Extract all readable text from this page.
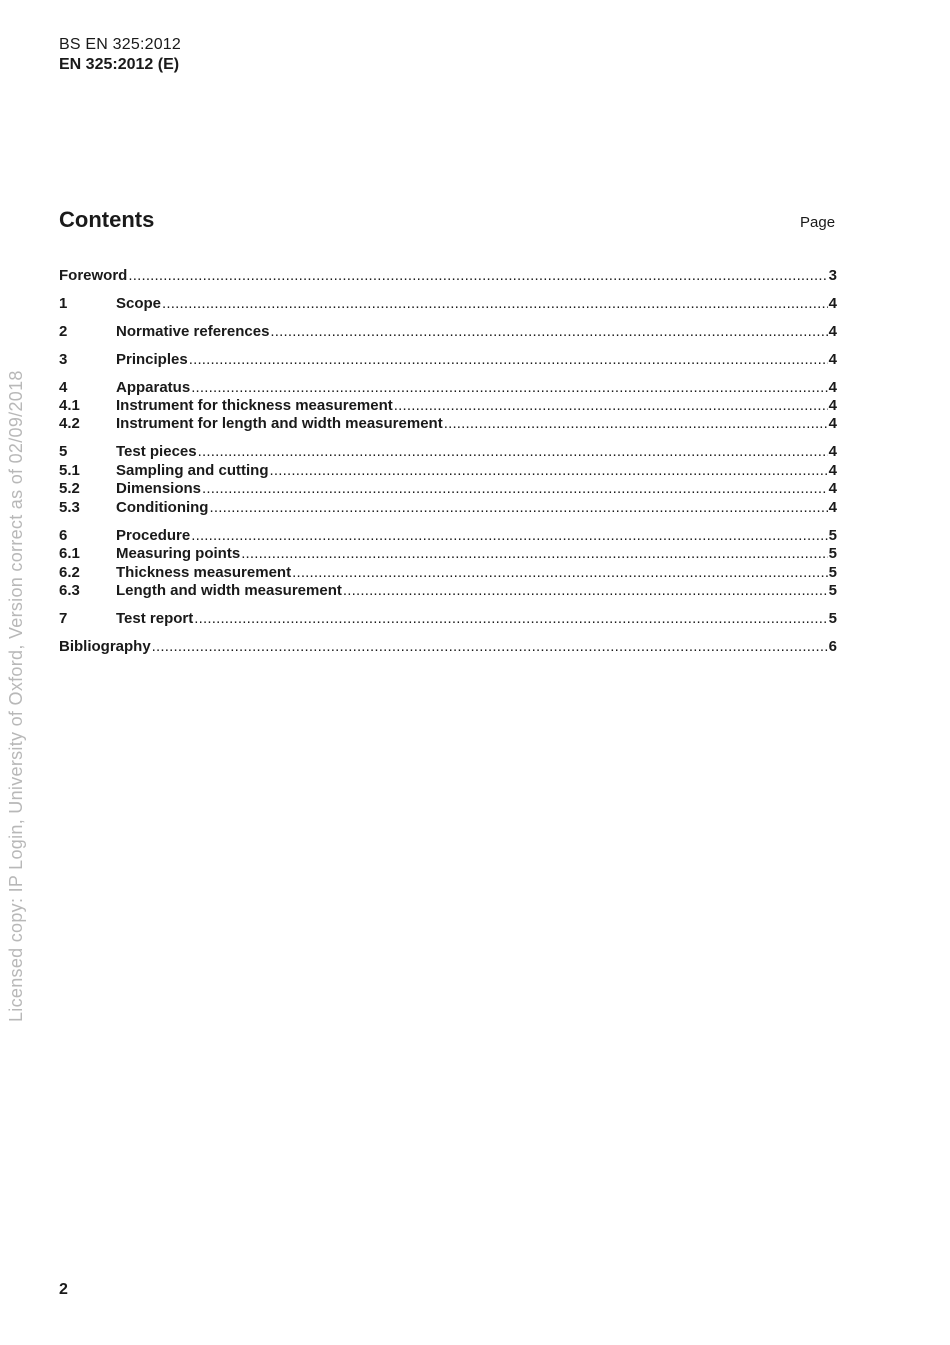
BS EN 325:2012
EN 325:2012 (E)
Contents	Page
Foreword .....	3
1	Scope .....	4
2	Normative references .....	4
3	Principles .....	4
4	Apparatus .....	4
4.1	Instrument for thickness measurement .....	4
4.2	Instrument for length and width measurement .....	4
5	Test pieces .....	4
5.1	Sampling and cutting .....	4
5.2	Dimensions .....	4
5.3	Conditioning .....	4
6	Procedure .....	5
6.1	Measuring points .....	5
6.2	Thickness measurement .....	5
6.3	Length and width measurement .....	5
7	Test report .....	5
Bibliography .....	6
Licensed copy: IP Login, University of Oxford, Version correct as of 02/09/2018
2
